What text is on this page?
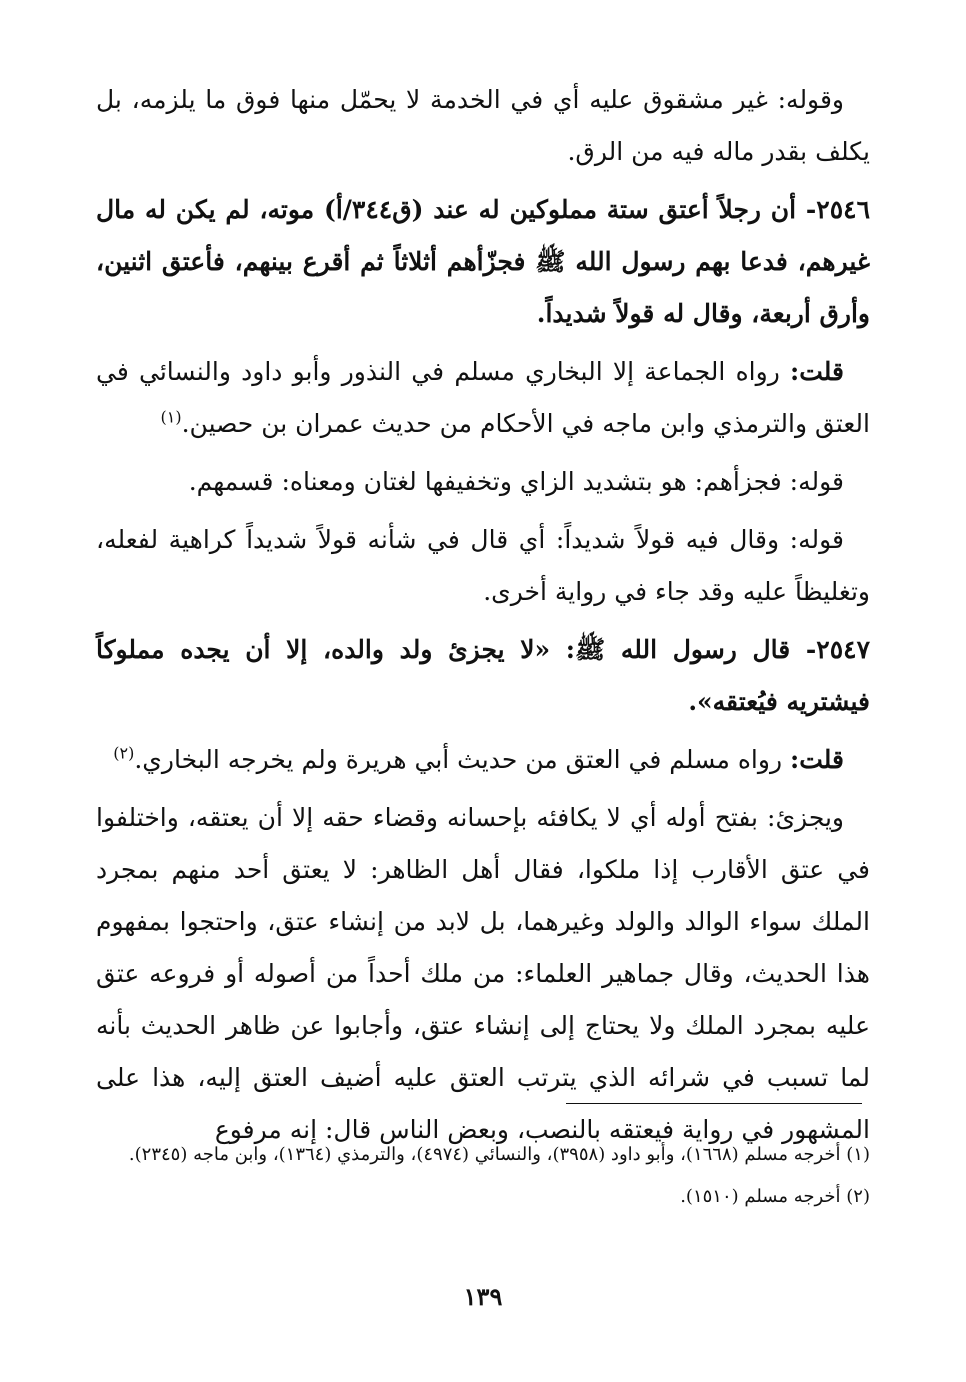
وقوله: غير مشقوق عليه أي في الخدمة لا يحمّل منها فوق ما يلزمه، بل يكلف بقدر ماله فيه من الرق.

٢٥٤٦- أن رجلاً أعتق ستة مملوكين له عند (ق٣٤٤/أ) موته، لم يكن له مال غيرهم، فدعا بهم رسول الله ﷺ فجزّأهم أثلاثاً ثم أقرع بينهم، فأعتق اثنين، وأرق أربعة، وقال له قولاً شديداً.

قلت: رواه الجماعة إلا البخاري مسلم في النذور وأبو داود والنسائي في العتق والترمذي وابن ماجه في الأحكام من حديث عمران بن حصين.$^{(١)}$

قوله: فجزأهم: هو بتشديد الزاي وتخفيفها لغتان ومعناه: قسمهم.

قوله: وقال فيه قولاً شديداً: أي قال في شأنه قولاً شديداً كراهية لفعله، وتغليظاً عليه وقد جاء في رواية أخرى.

٢٥٤٧- قال رسول الله ﷺ: «لا يجزئ ولد والده، إلا أن يجده مملوكاً فيشتريه فيُعتقه».

قلت: رواه مسلم في العتق من حديث أبي هريرة ولم يخرجه البخاري.$^{(٢)}$

ويجزئ: بفتح أوله أي لا يكافئه بإحسانه وقضاء حقه إلا أن يعتقه، واختلفوا في عتق الأقارب إذا ملكوا، فقال أهل الظاهر: لا يعتق أحد منهم بمجرد الملك سواء الوالد والولد وغيرهما، بل لابد من إنشاء عتق، واحتجوا بمفهوم هذا الحديث، وقال جماهير العلماء: من ملك أحداً من أصوله أو فروعه عتق عليه بمجرد الملك ولا يحتاج إلى إنشاء عتق، وأجابوا عن ظاهر الحديث بأنه لما تسبب في شرائه الذي يترتب العتق عليه أضيف العتق إليه، هذا على المشهور في رواية فيعتقه بالنصب، وبعض الناس قال: إنه مرفوع

(١) أخرجه مسلم (١٦٦٨)، وأبو داود (٣٩٥٨)، والنسائي (٤٩٧٤)، والترمذي (١٣٦٤)، وابن ماجه (٢٣٤٥).

(٢) أخرجه مسلم (١٥١٠).

١٣٩
